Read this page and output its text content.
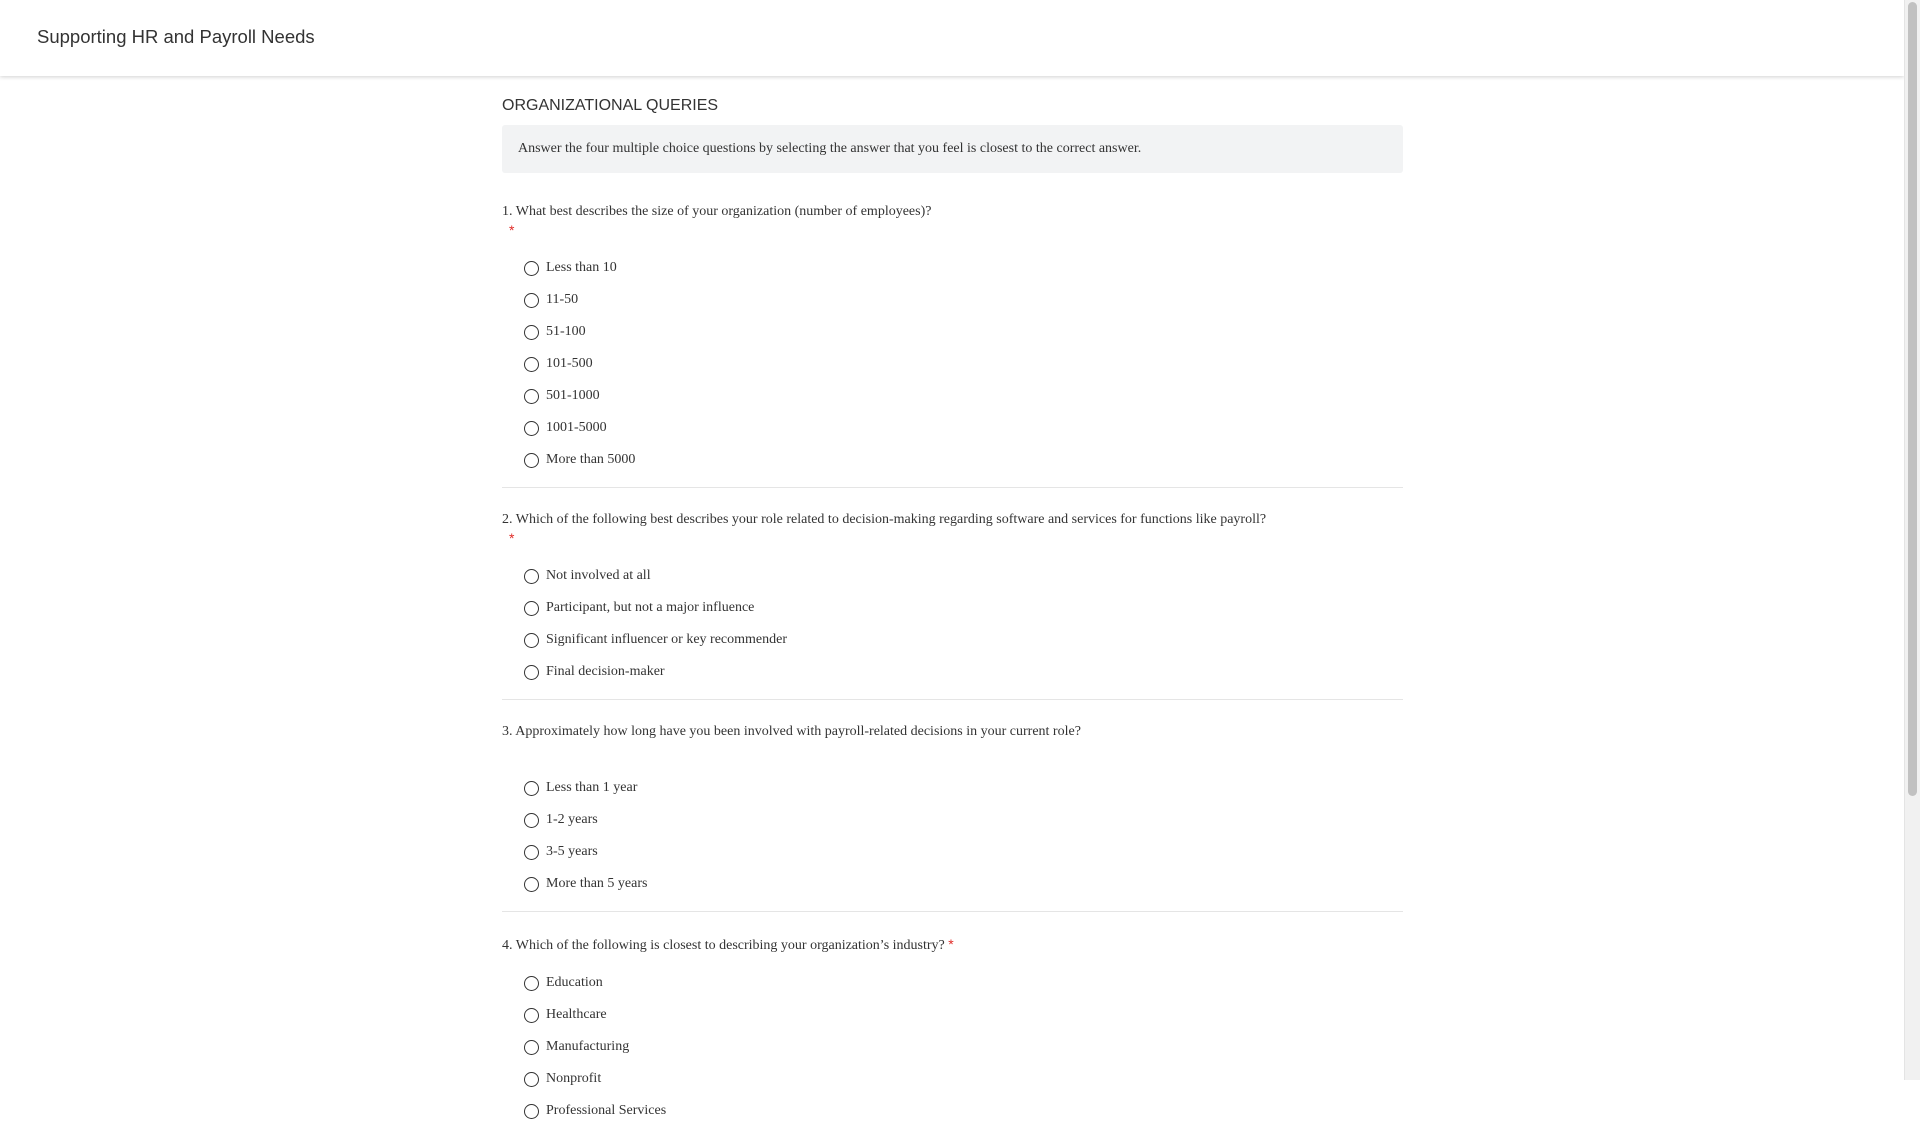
Supporting HR and Payroll Needs
ORGANIZATIONAL QUERIES
Answer the four multiple choice questions by selecting the answer that you feel is closest to the correct answer.
1. What best describes the size of your organization (number of employees)?
*
Less than 10
11-50
51-100
101-500
501-1000
1001-5000
More than 5000
2. Which of the following best describes your role related to decision-making regarding software and services for functions like payroll?
*
Not involved at all
Participant, but not a major influence
Significant influencer or key recommender
Final decision-maker
3. Approximately how long have you been involved with payroll-related decisions in your current role?
Less than 1 year
1-2 years
3-5 years
More than 5 years
4. Which of the following is closest to describing your organization’s industry? *
Education
Healthcare
Manufacturing
Nonprofit
Professional Services
